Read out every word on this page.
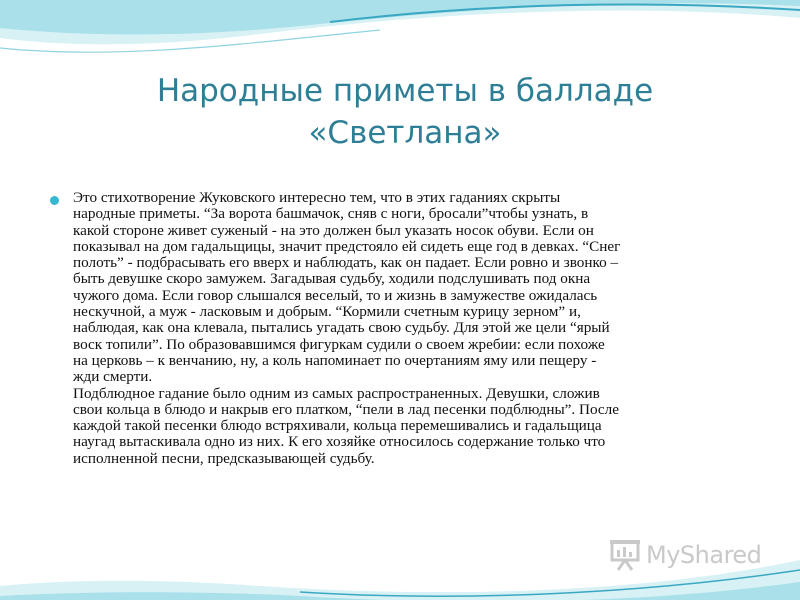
Народные приметы в балладе
«Светлана»
Это стихотворение Жуковского интересно тем, что в этих гаданиях скрыты
народные приметы. “За ворота башмачок, сняв с ноги, бросали”чтобы узнать, в
какой стороне живет суженый - на это должен был указать носок обуви. Если он
показывал на дом гадальщицы, значит предстояло ей сидеть еще год в девках. “Снег
полоть” - подбрасывать его вверх и наблюдать, как он падает. Если ровно и звонко –
быть девушке скоро замужем. Загадывая судьбу, ходили подслушивать под окна
чужого дома. Если говор слышался веселый, то и жизнь в замужестве ожидалась
нескучной, а муж - ласковым и добрым. “Кормили счетным курицу зерном” и,
наблюдая, как она клевала, пытались угадать свою судьбу. Для этой же цели “ярый
воск топили”. По образовавшимся фигуркам судили о своем жребии: если похоже
на церковь – к венчанию, ну, а коль напоминает по очертаниям яму или пещеру -
жди смерти.
Подблюдное гадание было одним из самых распространенных. Девушки, сложив
свои кольца в блюдо и накрыв его платком, “пели в лад песенки подблюдны”. После
каждой такой песенки блюдо встряхивали, кольца перемешивались и гадальщица
наугад вытаскивала одно из них. К его хозяйке относилось содержание только что
исполненной песни, предсказывающей судьбу.
MyShared
